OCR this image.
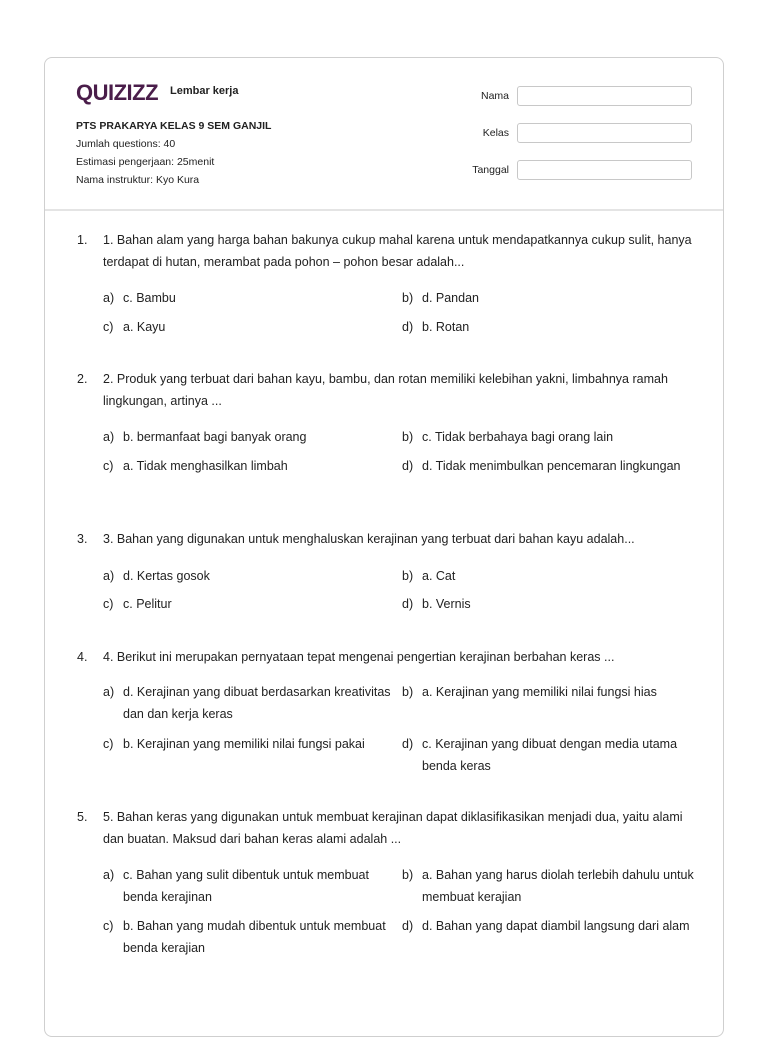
QUIZIZZ Lembar kerja
PTS PRAKARYA KELAS 9 SEM GANJIL
Jumlah questions: 40
Estimasi pengerjaan: 25menit
Nama instruktur: Kyo Kura
Nama
Kelas
Tanggal
1. 1. Bahan alam yang harga bahan bakunya cukup mahal karena untuk mendapatkannya cukup sulit, hanya terdapat di hutan, merambat pada pohon – pohon besar adalah...
a) c. Bambu	b) d. Pandan
c) a. Kayu	d) b. Rotan
2. 2. Produk yang terbuat dari bahan kayu, bambu, dan rotan memiliki kelebihan yakni, limbahnya ramah lingkungan, artinya ...
a) b. bermanfaat bagi banyak orang	b) c. Tidak berbahaya bagi orang lain
c) a. Tidak menghasilkan limbah	d) d. Tidak menimbulkan pencemaran lingkungan
3. 3. Bahan yang digunakan untuk menghaluskan kerajinan yang terbuat dari bahan kayu adalah...
a) d. Kertas gosok	b) a. Cat
c) c. Pelitur	d) b. Vernis
4. 4. Berikut ini merupakan pernyataan tepat mengenai pengertian kerajinan berbahan keras ...
a) d. Kerajinan yang dibuat berdasarkan kreativitas dan dan kerja keras
b) a. Kerajinan yang memiliki nilai fungsi hias
c) b. Kerajinan yang memiliki nilai fungsi pakai	d) c. Kerajinan yang dibuat dengan media utama benda keras
5. 5. Bahan keras yang digunakan untuk membuat kerajinan dapat diklasifikasikan menjadi dua, yaitu alami dan buatan. Maksud dari bahan keras alami adalah ...
a) c. Bahan yang sulit dibentuk untuk membuat benda kerajinan
b) a. Bahan yang harus diolah terlebih dahulu untuk membuat kerajian
c) b. Bahan yang mudah dibentuk untuk membuat benda kerajian
d) d. Bahan yang dapat diambil langsung dari alam
